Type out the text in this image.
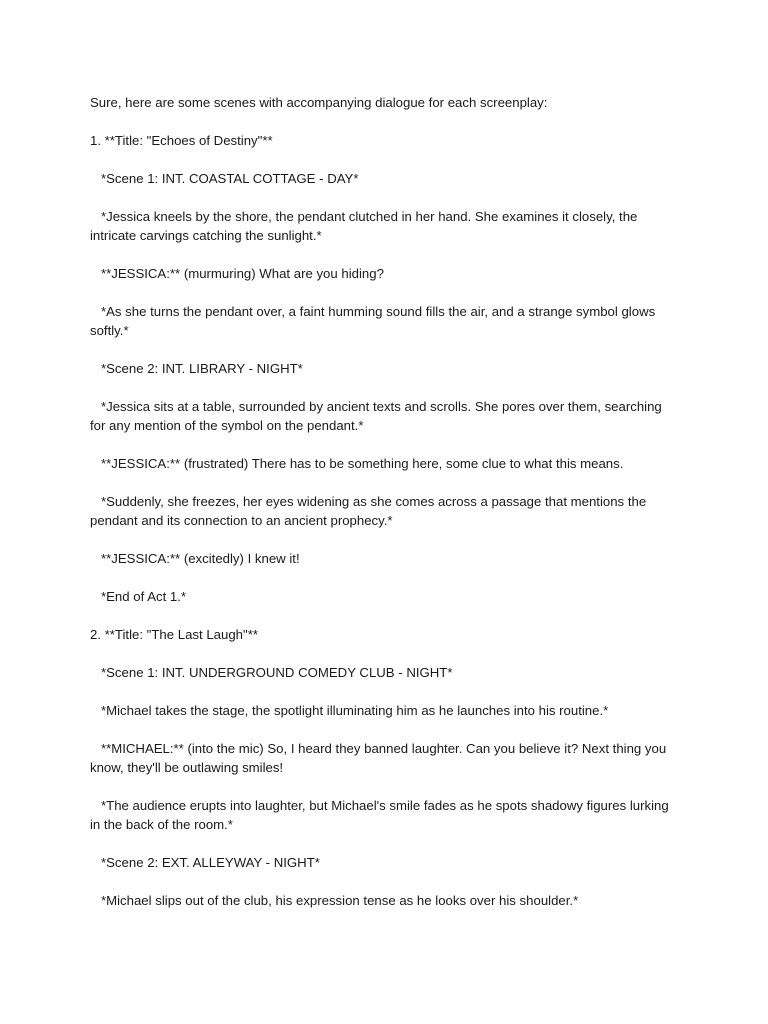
Sure, here are some scenes with accompanying dialogue for each screenplay:

1. **Title: "Echoes of Destiny"**

*Scene 1: INT. COASTAL COTTAGE - DAY*

*Jessica kneels by the shore, the pendant clutched in her hand. She examines it closely, the intricate carvings catching the sunlight.*

**JESSICA:** (murmuring) What are you hiding?

*As she turns the pendant over, a faint humming sound fills the air, and a strange symbol glows softly.*

*Scene 2: INT. LIBRARY - NIGHT*

*Jessica sits at a table, surrounded by ancient texts and scrolls. She pores over them, searching for any mention of the symbol on the pendant.*

**JESSICA:** (frustrated) There has to be something here, some clue to what this means.

*Suddenly, she freezes, her eyes widening as she comes across a passage that mentions the pendant and its connection to an ancient prophecy.*

**JESSICA:** (excitedly) I knew it!

*End of Act 1.*

2. **Title: "The Last Laugh"**

*Scene 1: INT. UNDERGROUND COMEDY CLUB - NIGHT*

*Michael takes the stage, the spotlight illuminating him as he launches into his routine.*

**MICHAEL:** (into the mic) So, I heard they banned laughter. Can you believe it? Next thing you know, they'll be outlawing smiles!

*The audience erupts into laughter, but Michael's smile fades as he spots shadowy figures lurking in the back of the room.*

*Scene 2: EXT. ALLEYWAY - NIGHT*

*Michael slips out of the club, his expression tense as he looks over his shoulder.*
